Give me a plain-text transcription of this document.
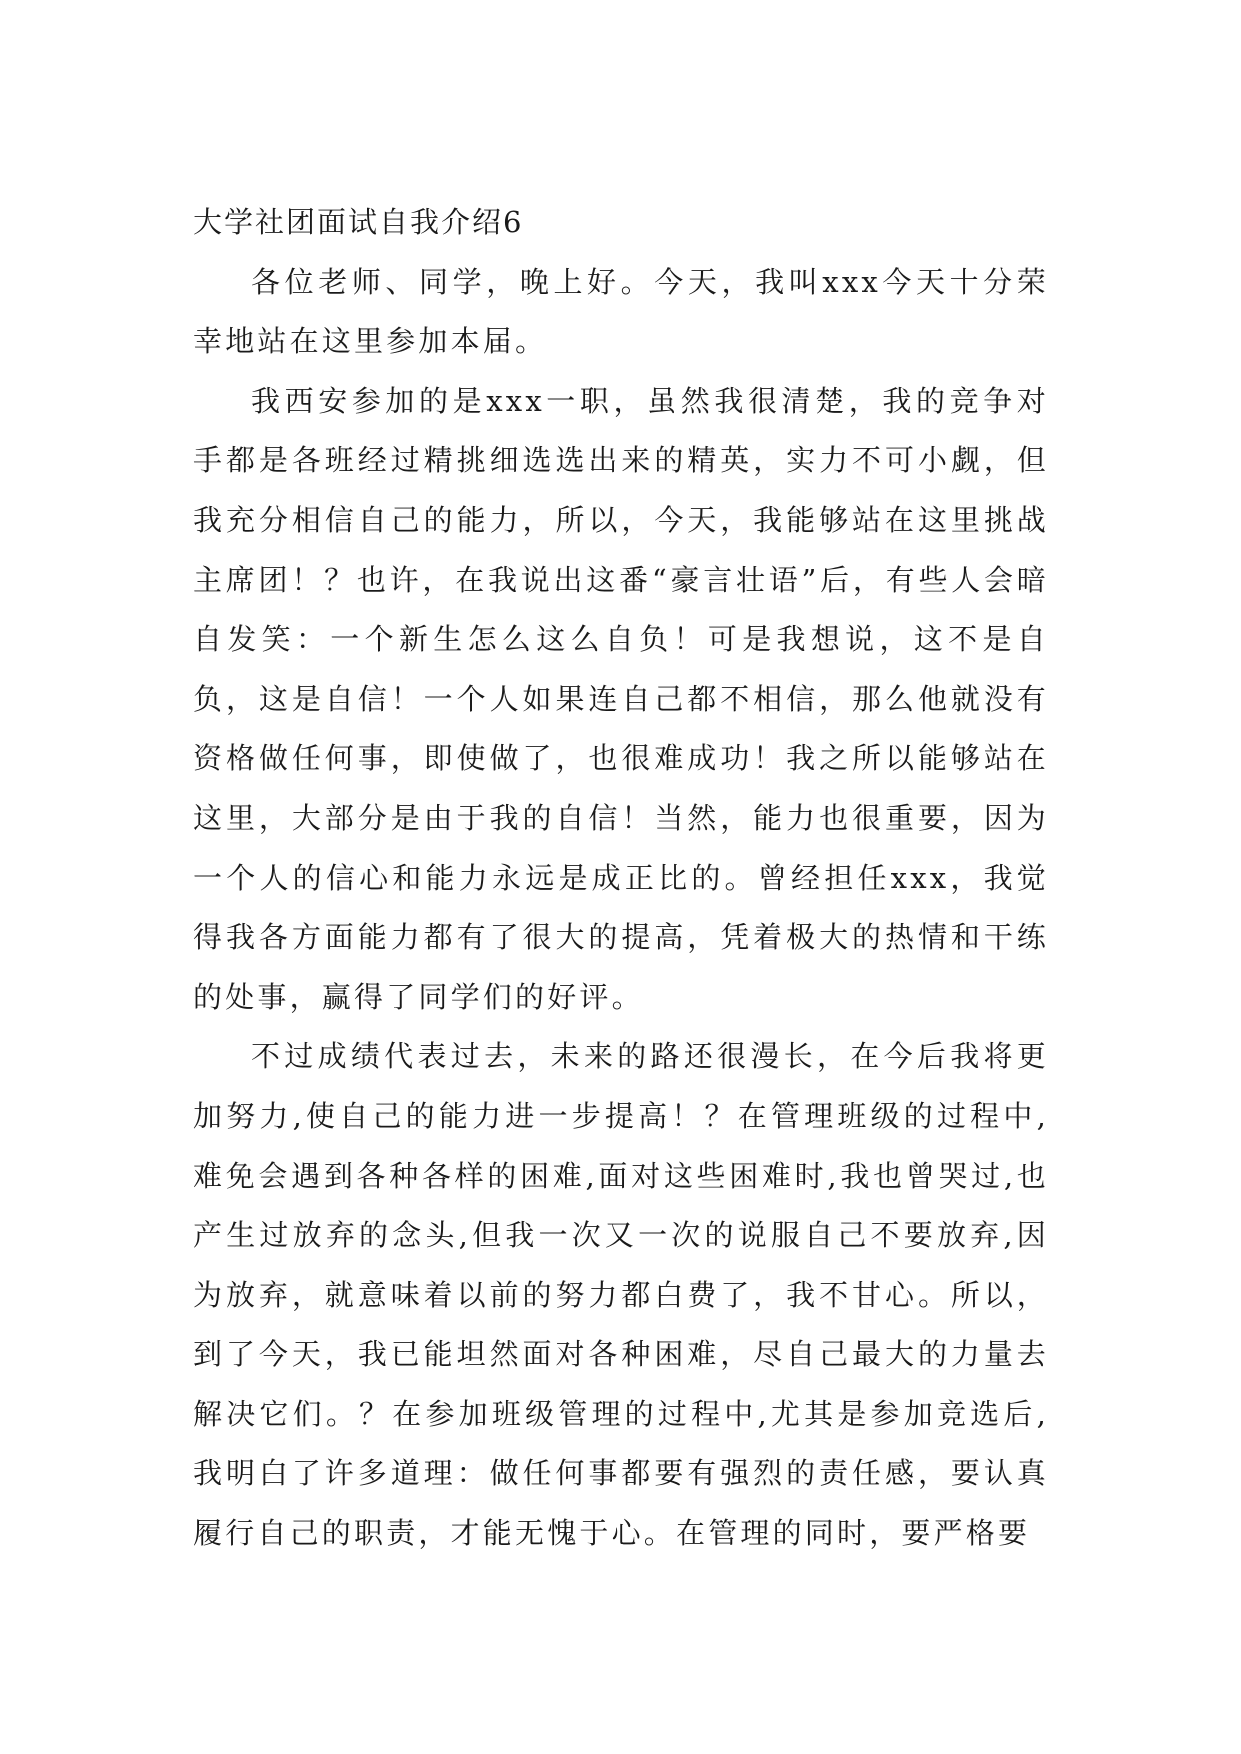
大学社团面试自我介绍6

各位老师、同学，晚上好。今天，我叫xxx今天十分荣幸地站在这里参加本届。

我西安参加的是xxx一职，虽然我很清楚，我的竞争对手都是各班经过精挑细选选出来的精英，实力不可小觑，但我充分相信自己的能力，所以，今天，我能够站在这里挑战主席团！？也许，在我说出这番“豪言壮语”后，有些人会暗自发笑：一个新生怎么这么自负！可是我想说，这不是自负，这是自信！一个人如果连自己都不相信，那么他就没有资格做任何事，即使做了，也很难成功！我之所以能够站在这里，大部分是由于我的自信！当然，能力也很重要，因为一个人的信心和能力永远是成正比的。曾经担任xxx，我觉得我各方面能力都有了很大的提高，凭着极大的热情和干练的处事，赢得了同学们的好评。

不过成绩代表过去，未来的路还很漫长，在今后我将更加努力,使自己的能力进一步提高！？在管理班级的过程中,难免会遇到各种各样的困难,面对这些困难时,我也曾哭过,也产生过放弃的念头,但我一次又一次的说服自己不要放弃,因为放弃，就意味着以前的努力都白费了，我不甘心。所以，到了今天，我已能坦然面对各种困难，尽自己最大的力量去解决它们。？在参加班级管理的过程中,尤其是参加竞选后,我明白了许多道理：做任何事都要有强烈的责任感，要认真履行自己的职责，才能无愧于心。在管理的同时，要严格要
